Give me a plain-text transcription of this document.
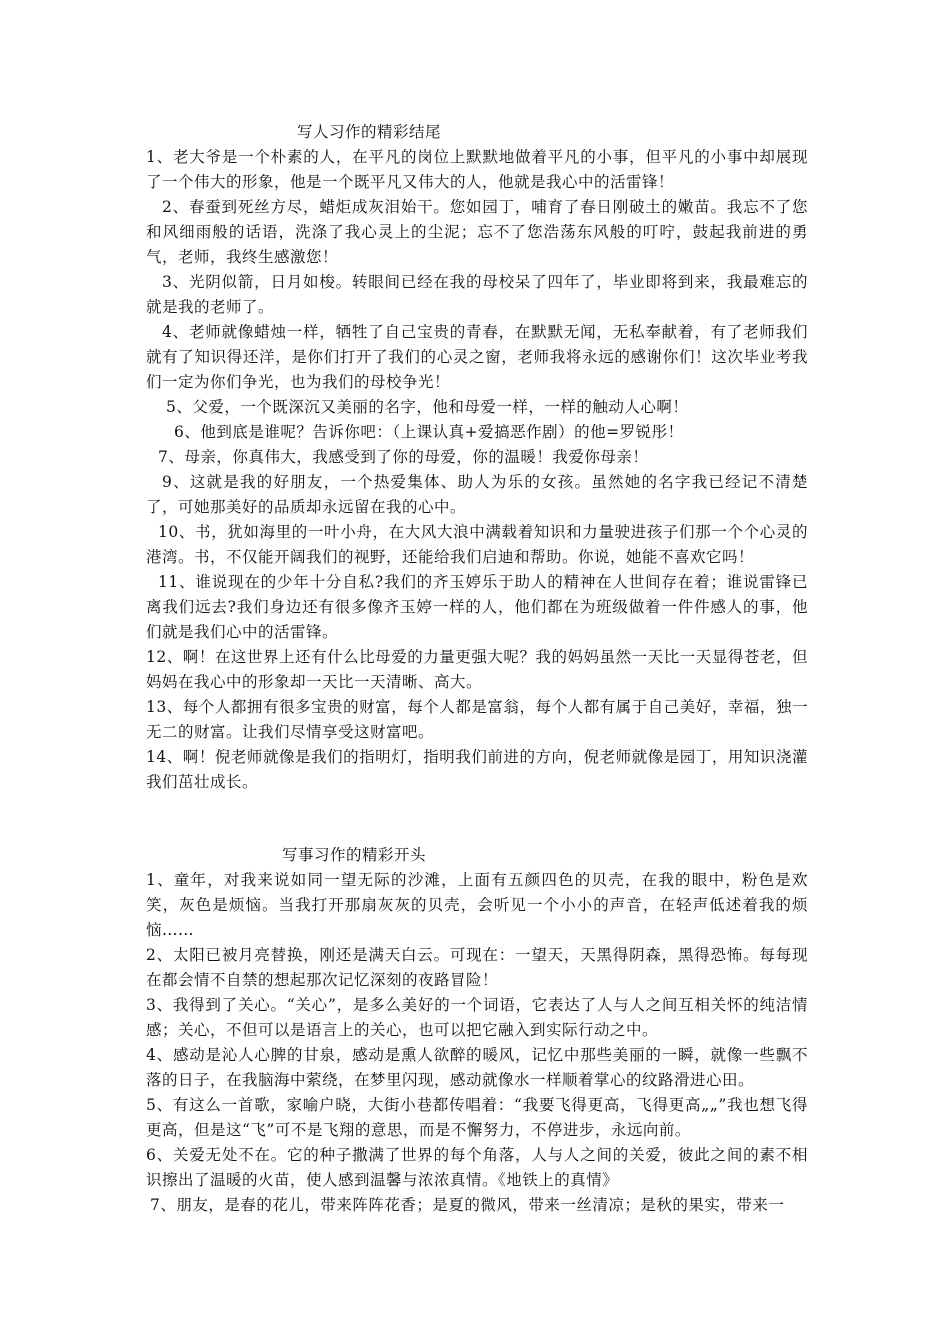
写人习作的精彩结尾
1、老大爷是一个朴素的人，在平凡的岗位上默默地做着平凡的小事，但平凡的小事中却展现了一个伟大的形象，他是一个既平凡又伟大的人，他就是我心中的活雷锋！
2、春蚕到死丝方尽，蜡炬成灰泪始干。您如园丁，哺育了春日刚破土的嫩苗。我忘不了您和风细雨般的话语，洗涤了我心灵上的尘泥；忘不了您浩荡东风般的叮咛，鼓起我前进的勇气，老师，我终生感激您！
3、光阴似箭，日月如梭。转眼间已经在我的母校呆了四年了，毕业即将到来，我最难忘的就是我的老师了。
4、老师就像蜡烛一样，牺牲了自己宝贵的青春，在默默无闻，无私奉献着，有了老师我们就有了知识得还洋，是你们打开了我们的心灵之窗，老师我将永远的感谢你们！这次毕业考我们一定为你们争光，也为我们的母校争光！
5、父爱，一个既深沉又美丽的名字，他和母爱一样，一样的触动人心啊！
6、他到底是谁呢？告诉你吧：（上课认真+爱搞恶作剧）的他=罗锐彤！
7、母亲，你真伟大，我感受到了你的母爱，你的温暖！我爱你母亲！
9、这就是我的好朋友，一个热爱集体、助人为乐的女孩。虽然她的名字我已经记不清楚了，可她那美好的品质却永远留在我的心中。
10、书，犹如海里的一叶小舟，在大风大浪中满载着知识和力量驶进孩子们那一个个心灵的港湾。书，不仅能开阔我们的视野，还能给我们启迪和帮助。你说，她能不喜欢它吗！
11、谁说现在的少年十分自私?我们的齐玉婷乐于助人的精神在人世间存在着；谁说雷锋已离我们远去?我们身边还有很多像齐玉婷一样的人，他们都在为班级做着一件件感人的事，他们就是我们心中的活雷锋。
12、啊！在这世界上还有什么比母爱的力量更强大呢？我的妈妈虽然一天比一天显得苍老，但妈妈在我心中的形象却一天比一天清晰、高大。
13、每个人都拥有很多宝贵的财富，每个人都是富翁，每个人都有属于自己美好，幸福，独一无二的财富。让我们尽情享受这财富吧。
14、啊！倪老师就像是我们的指明灯，指明我们前进的方向，倪老师就像是园丁，用知识浇灌我们茁壮成长。
写事习作的精彩开头
1、童年，对我来说如同一望无际的沙滩，上面有五颜四色的贝壳，在我的眼中，粉色是欢笑，灰色是烦恼。当我打开那扇灰灰的贝壳，会听见一个小小的声音，在轻声低述着我的烦恼……
2、太阳已被月亮替换，刚还是满天白云。可现在：一望天，天黑得阴森，黑得恐怖。每每现在都会情不自禁的想起那次记忆深刻的夜路冒险！
3、我得到了关心。“关心”，是多么美好的一个词语，它表达了人与人之间互相关怀的纯洁情感；关心，不但可以是语言上的关心，也可以把它融入到实际行动之中。
4、感动是沁人心脾的甘泉，感动是熏人欲醉的暖风，记忆中那些美丽的一瞬，就像一些飘不落的日子，在我脑海中萦绕，在梦里闪现，感动就像水一样顺着掌心的纹路滑进心田。
5、有这么一首歌，家喻户晓，大街小巷都传唱着：“我要飞得更高，飞得更高„„”我也想飞得更高，但是这“飞”可不是飞翔的意思，而是不懈努力，不停进步，永远向前。
6、关爱无处不在。它的种子撒满了世界的每个角落，人与人之间的关爱，彼此之间的素不相识擦出了温暖的火苗，使人感到温馨与浓浓真情。《地铁上的真情》
7、朋友，是春的花儿，带来阵阵花香；是夏的微风，带来一丝清凉；是秋的果实，带来一
